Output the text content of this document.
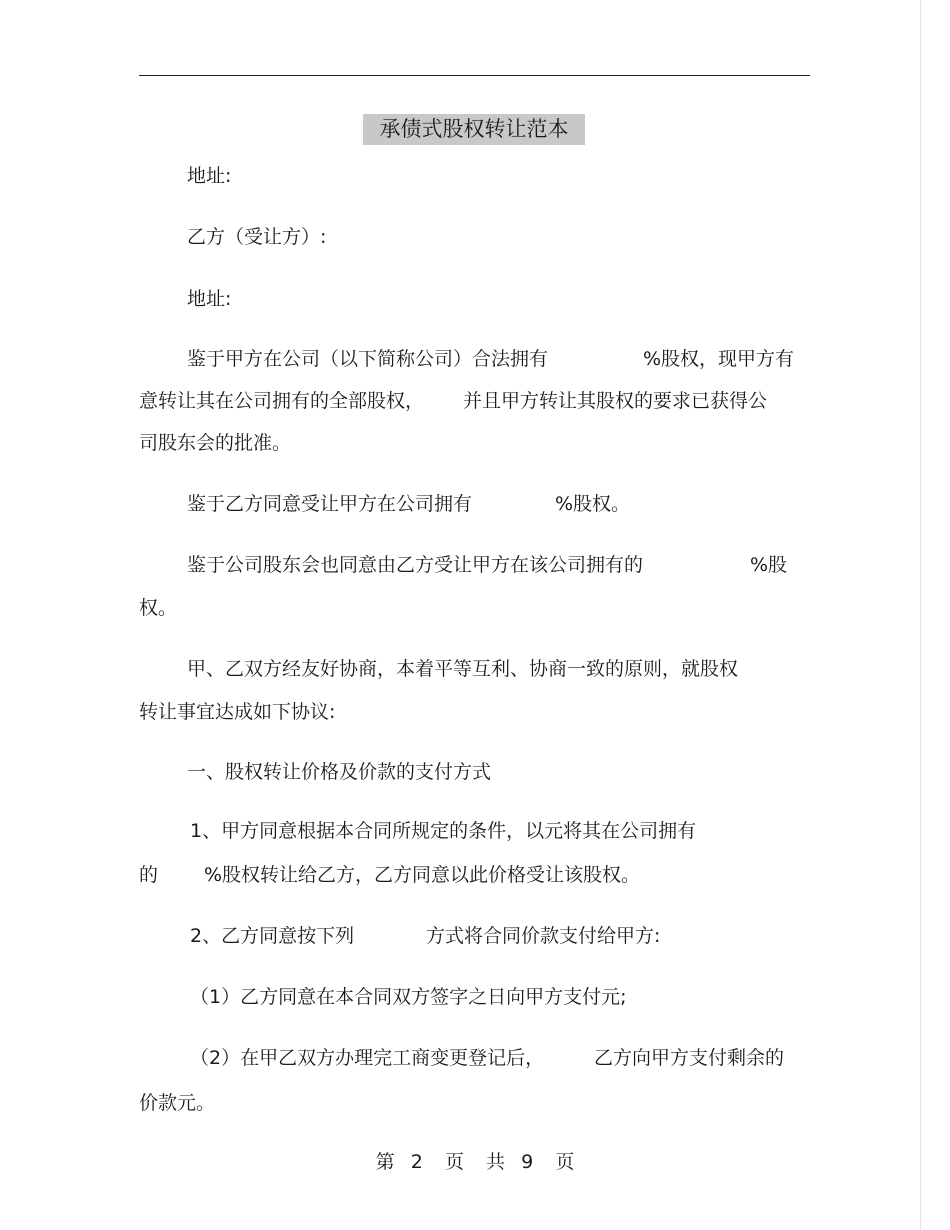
承债式股权转让范本
地址:
乙方（受让方）:
地址:
鉴于甲方在公司（以下简称公司）合法拥有	%股权，现甲方有
意转让其在公司拥有的全部股权， 并且甲方转让其股权的要求已获得公
司股东会的批准。
鉴于乙方同意受让甲方在公司拥有	%股权。
鉴于公司股东会也同意由乙方受让甲方在该公司拥有的	%股
权。
甲、乙双方经友好协商，本着平等互利、协商一致的原则，就股权
转让事宜达成如下协议:
一、股权转让价格及价款的支付方式
1、甲方同意根据本合同所规定的条件，以元将其在公司拥有
的 %股权转让给乙方，乙方同意以此价格受让该股权。
2、乙方同意按下列	方式将合同价款支付给甲方:
（1）乙方同意在本合同双方签字之日向甲方支付元;
（2）在甲乙双方办理完工商变更登记后，	乙方向甲方支付剩余的
价款元。
第 2 页 共 9 页
